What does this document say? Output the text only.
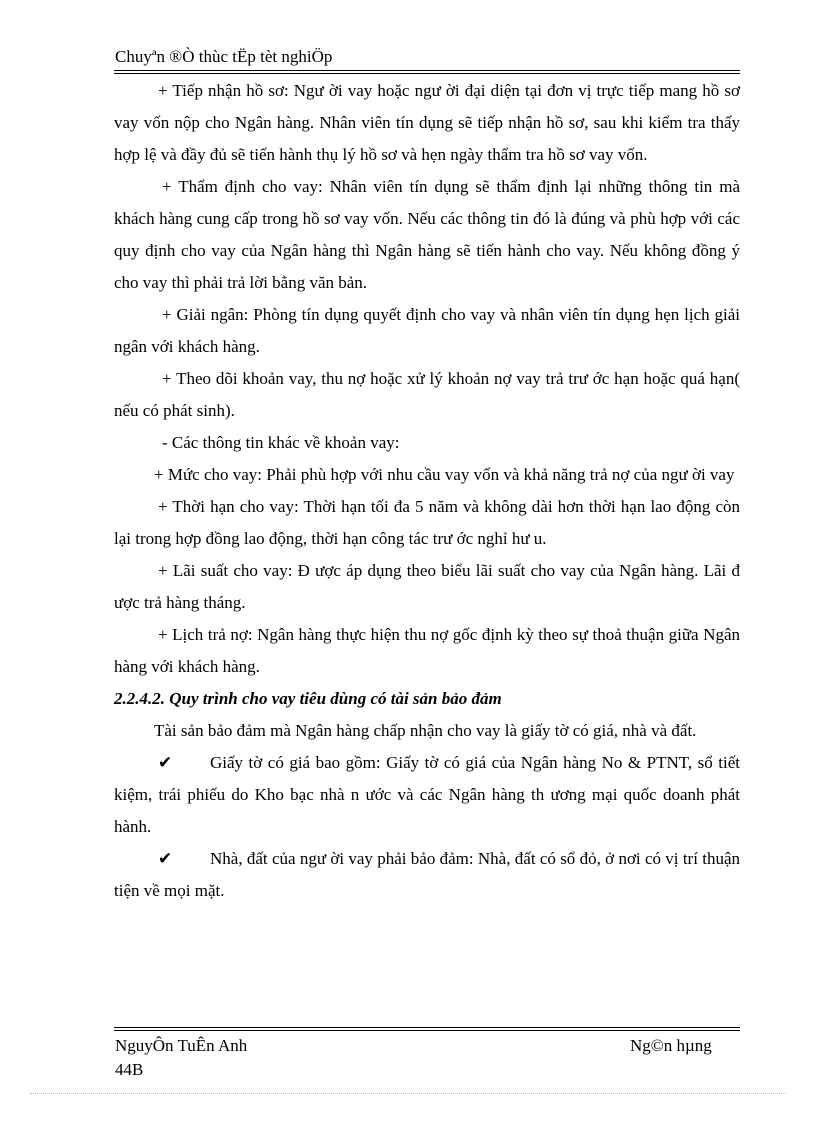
Chuyªn ®Ò thùc tËp tèt nghiÖp

+ Tiếp nhận hồ sơ: Ngư ời vay hoặc ngư ời đại diện tại đơn vị trực tiếp mang hồ sơ vay vốn nộp cho Ngân hàng. Nhân viên tín dụng sẽ tiếp nhận hồ sơ, sau khi kiểm tra thấy hợp lệ và đầy đủ sẽ tiến hành thụ lý hồ sơ và hẹn ngày thẩm tra hồ sơ vay vốn.

+ Thẩm định cho vay: Nhân viên tín dụng sẽ thẩm định lại những thông tin mà khách hàng cung cấp trong hồ sơ vay vốn. Nếu các thông tin đó là đúng và phù hợp với các quy định cho vay của Ngân hàng thì Ngân hàng sẽ tiến hành cho vay. Nếu không đồng ý cho vay thì phải trả lời bằng văn bản.

+ Giải ngân: Phòng tín dụng quyết định cho vay và nhân viên tín dụng hẹn lịch giải ngân với khách hàng.

+ Theo dõi khoản vay, thu nợ hoặc xử lý khoản nợ vay trả trư ớc hạn hoặc quá hạn( nếu có phát sinh).

- Các thông tin khác về khoản vay:

+ Mức cho vay: Phải phù hợp với nhu cầu vay vốn và khả năng trả nợ của ngư ời vay

+ Thời hạn cho vay: Thời hạn tối đa 5 năm và không dài hơn thời hạn lao động còn lại trong hợp đồng lao động, thời hạn công tác trư ớc nghỉ hư u.

+ Lãi suất cho vay: Đ ược áp dụng theo biểu lãi suất cho vay của Ngân hàng. Lãi đ ược trả hàng tháng.

+ Lịch trả nợ: Ngân hàng thực hiện thu nợ gốc định kỳ theo sự thoả thuận giữa Ngân hàng với khách hàng.

2.2.4.2. Quy trình cho vay tiêu dùng có tài sản bảo đảm

Tài sản bảo đảm mà Ngân hàng chấp nhận cho vay là giấy tờ có giá, nhà và đất.

✔ Giấy tờ có giá bao gồm: Giấy tờ có giá của Ngân hàng No & PTNT, sổ tiết kiệm, trái phiếu do Kho bạc nhà n ước và các Ngân hàng th ương mại quốc doanh phát hành.

✔ Nhà, đất của ngư ời vay phải bảo đảm: Nhà, đất có sổ đỏ, ở nơi có vị trí thuận tiện về mọi mặt.

NguyÔn TuÊn Anh
44B
Ng©n hµng
